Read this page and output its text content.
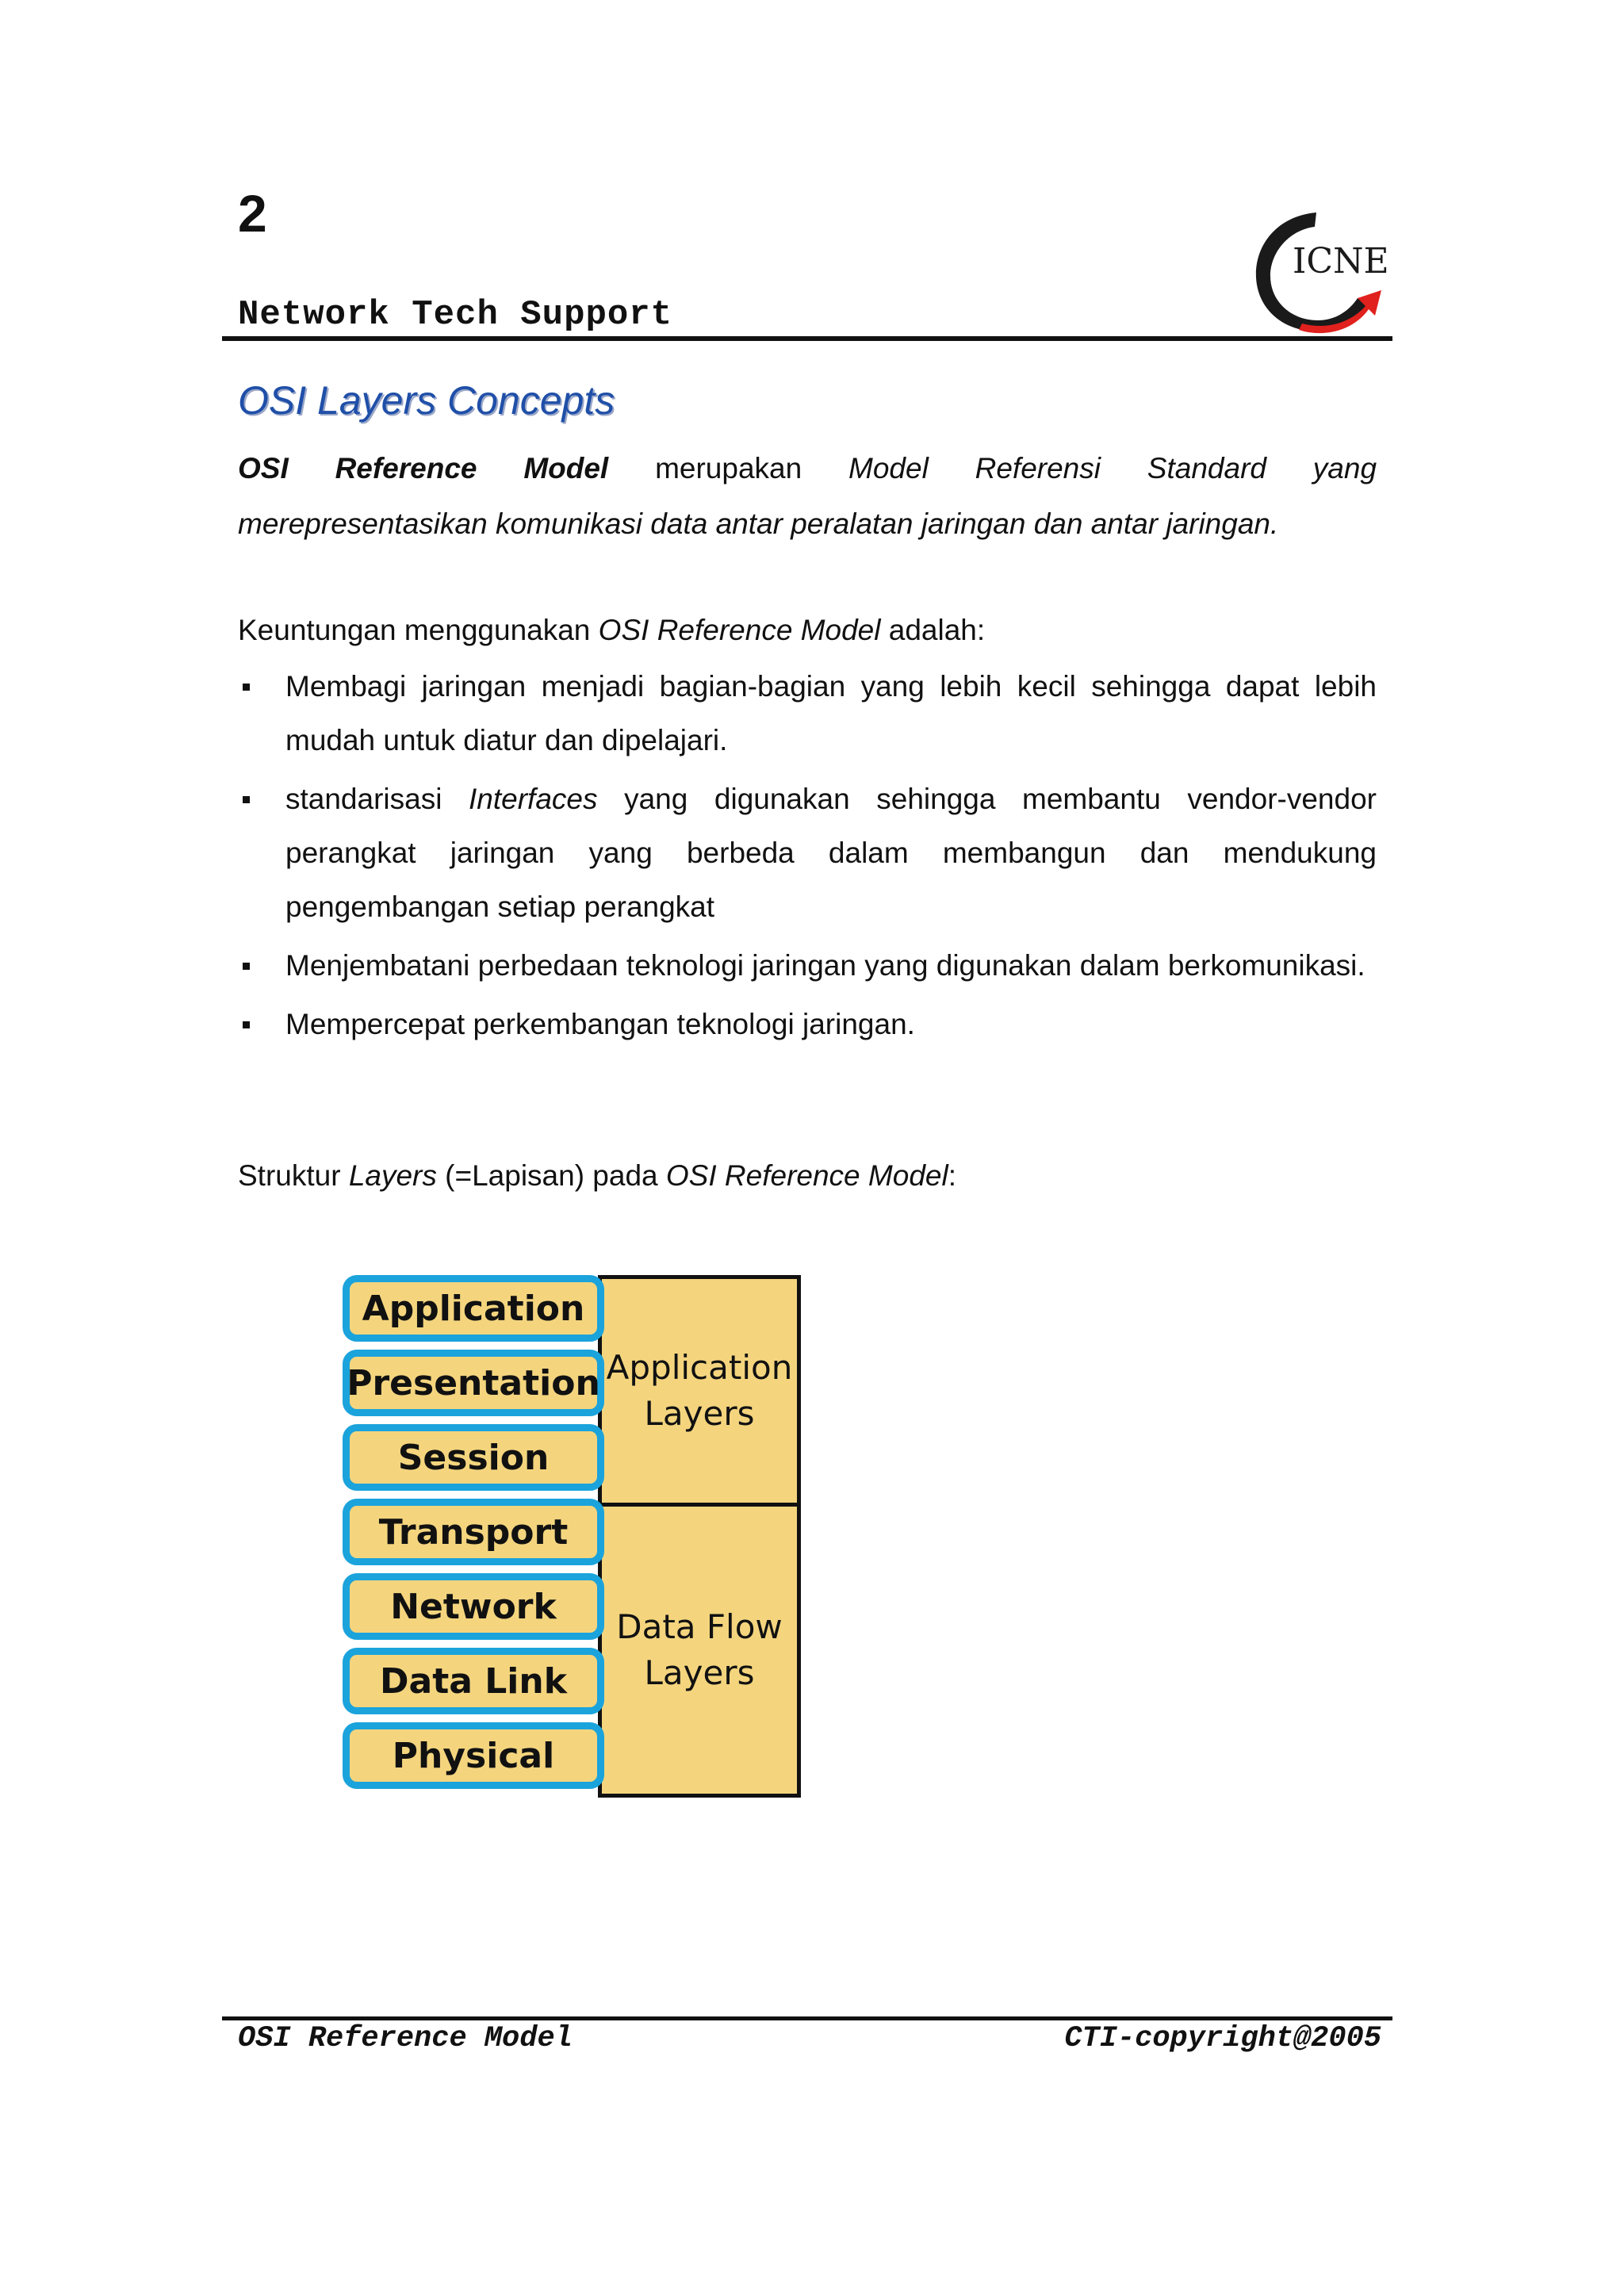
2
Network Tech Support
ICNE
OSI Layers Concepts
OSI Reference Model merupakan Model Referensi Standard yang
merepresentasikan komunikasi data antar peralatan jaringan dan antar jaringan.
Keuntungan menggunakan OSI Reference Model adalah:
Membagi jaringan menjadi bagian-bagian yang lebih kecil sehingga dapat lebih mudah untuk diatur dan dipelajari.
standarisasi Interfaces yang digunakan sehingga membantu vendor-vendor perangkat jaringan yang berbeda dalam membangun dan mendukung pengembangan setiap perangkat
Menjembatani perbedaan teknologi jaringan yang digunakan dalam berkomunikasi.
Mempercepat perkembangan teknologi jaringan.
Struktur Layers (=Lapisan) pada OSI Reference Model:
Application
Layers
Data Flow
Layers
Application
Presentation
Session
Transport
Network
Data Link
Physical
OSI Reference Model	CTI-copyright@2005
